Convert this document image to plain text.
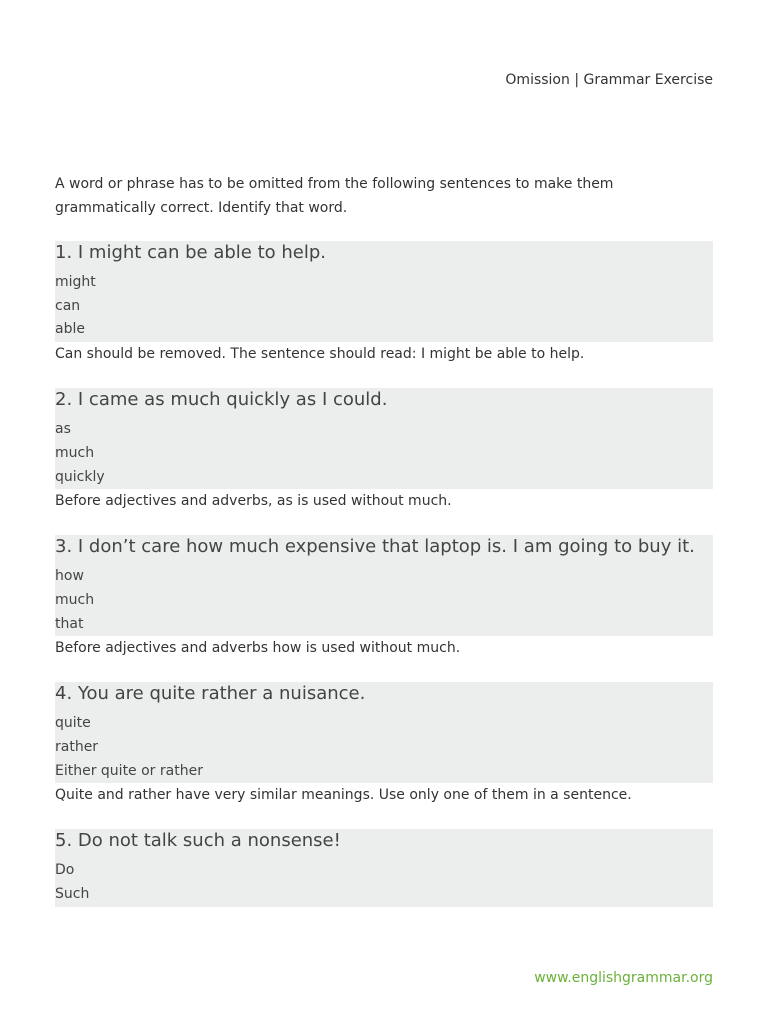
Omission | Grammar Exercise
A word or phrase has to be omitted from the following sentences to make them grammatically correct. Identify that word.
1. I might can be able to help.
might
can
able
Can should be removed. The sentence should read: I might be able to help.
2. I came as much quickly as I could.
as
much
quickly
Before adjectives and adverbs, as is used without much.
3. I don’t care how much expensive that laptop is. I am going to buy it.
how
much
that
Before adjectives and adverbs how is used without much.
4. You are quite rather a nuisance.
quite
rather
Either quite or rather
Quite and rather have very similar meanings. Use only one of them in a sentence.
5. Do not talk such a nonsense!
Do
Such
www.englishgrammar.org
